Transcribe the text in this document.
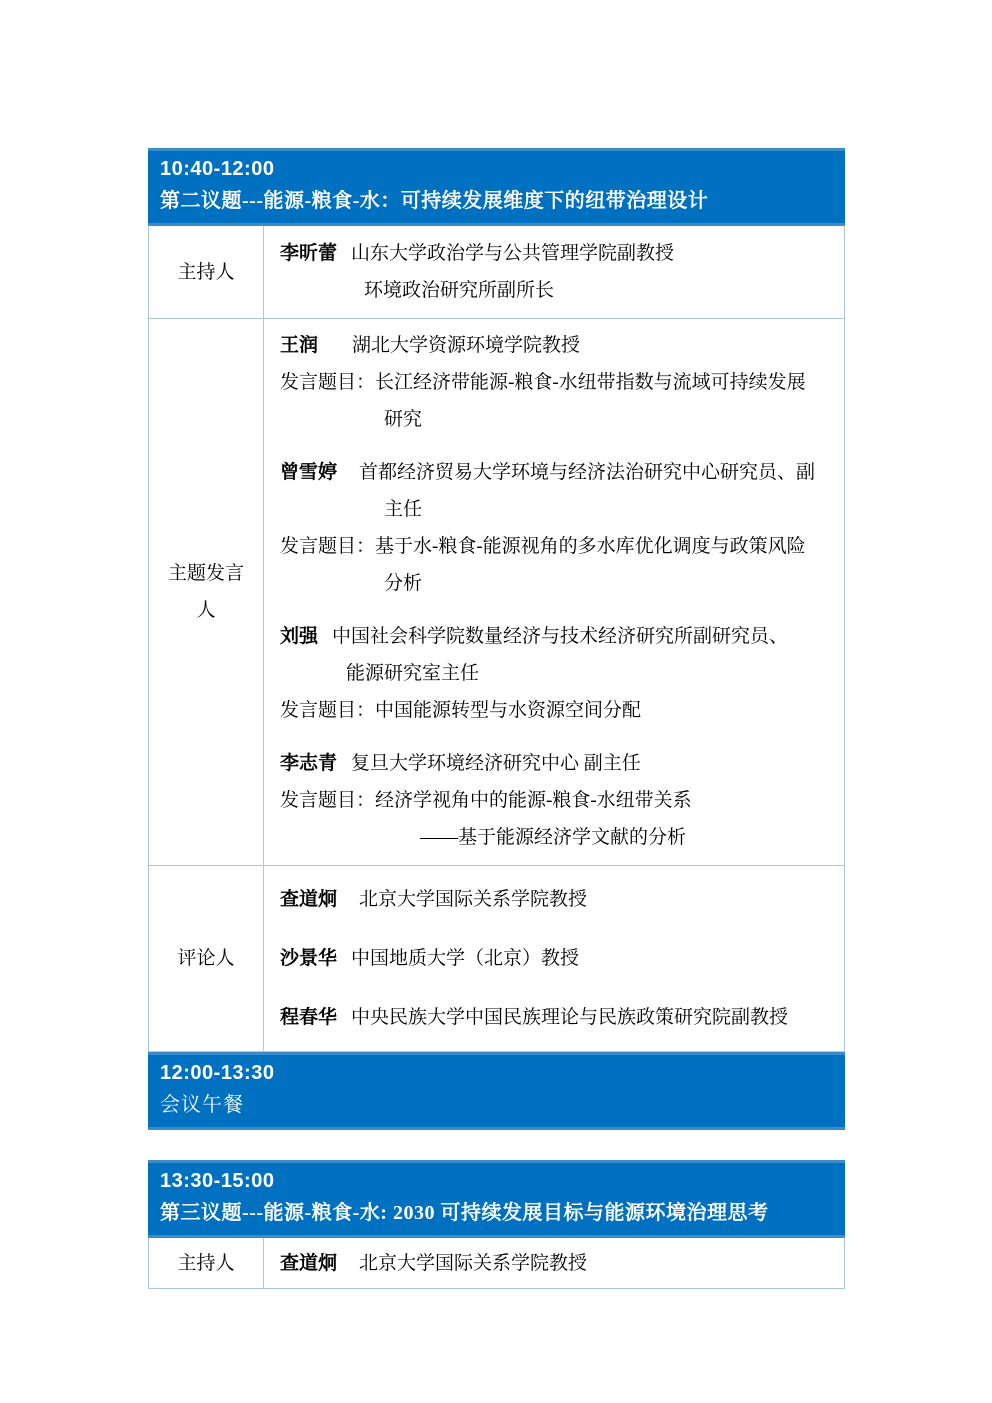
10:40-12:00
第二议题---能源-粮食-水：可持续发展维度下的纽带治理设计
主持人
李昕蕾 山东大学政治学与公共管理学院副教授
环境政治研究所副所长
主题发言人
王润 湖北大学资源环境学院教授
发言题目：长江经济带能源-粮食-水纽带指数与流域可持续发展
研究
曾雪婷 首都经济贸易大学环境与经济法治研究中心研究员、副
主任
发言题目：基于水-粮食-能源视角的多水库优化调度与政策风险
分析
刘强 中国社会科学院数量经济与技术经济研究所副研究员、
能源研究室主任
发言题目：中国能源转型与水资源空间分配
李志青 复旦大学环境经济研究中心 副主任
发言题目：经济学视角中的能源-粮食-水纽带关系
——基于能源经济学文献的分析
评论人
查道炯 北京大学国际关系学院教授
沙景华 中国地质大学（北京）教授
程春华 中央民族大学中国民族理论与民族政策研究院副教授
12:00-13:30
会议午餐
13:30-15:00
第三议题---能源-粮食-水: 2030 可持续发展目标与能源环境治理思考
主持人	查道炯 北京大学国际关系学院教授
